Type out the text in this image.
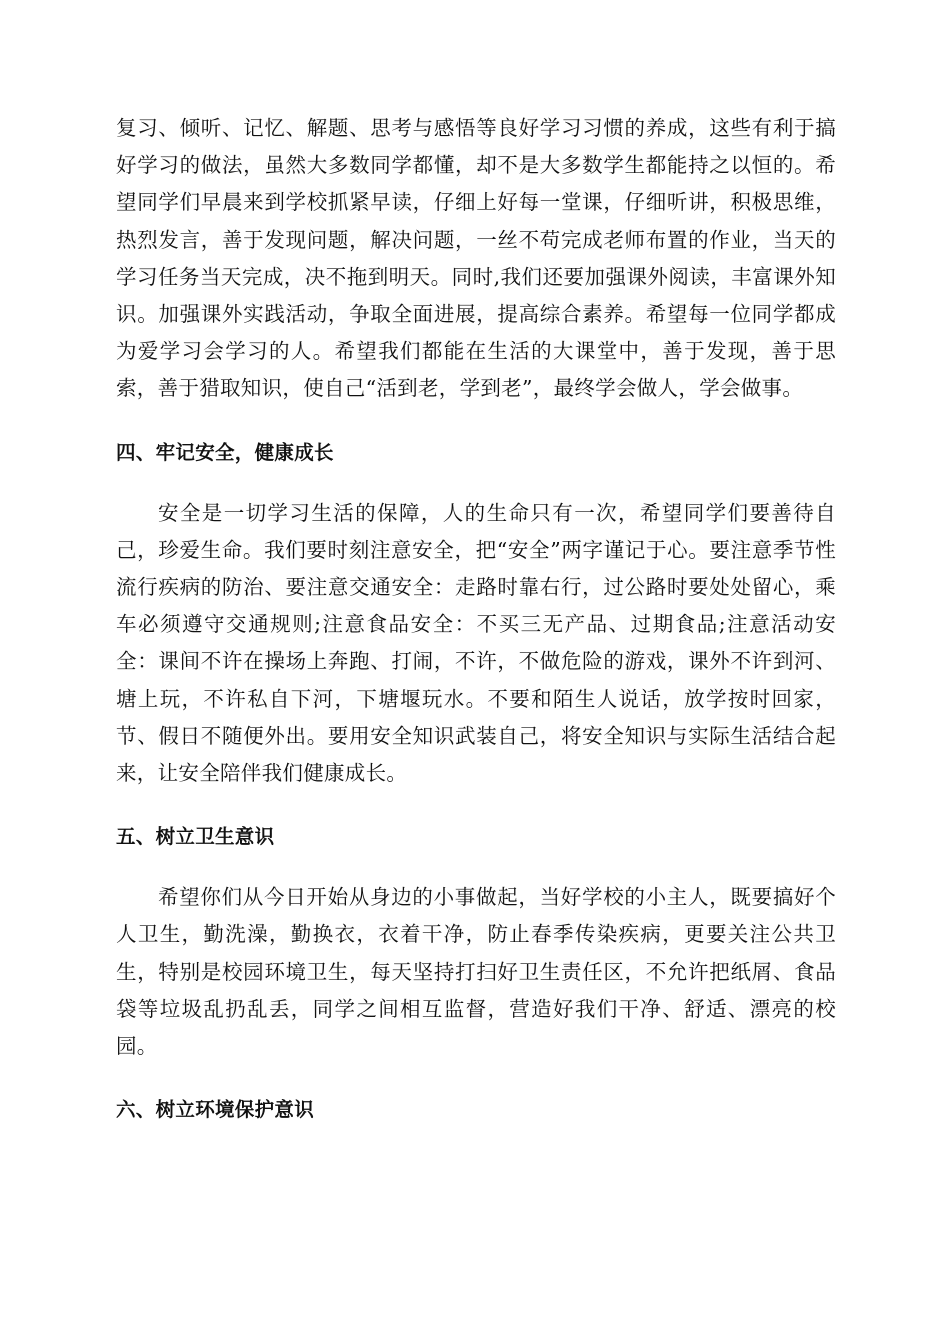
复习、倾听、记忆、解题、思考与感悟等良好学习习惯的养成，这些有利于搞好学习的做法，虽然大多数同学都懂，却不是大多数学生都能持之以恒的。希望同学们早晨来到学校抓紧早读，仔细上好每一堂课，仔细听讲，积极思维，热烈发言，善于发现问题，解决问题，一丝不苟完成老师布置的作业，当天的学习任务当天完成，决不拖到明天。同时,我们还要加强课外阅读，丰富课外知识。加强课外实践活动，争取全面进展，提高综合素养。希望每一位同学都成为爱学习会学习的人。希望我们都能在生活的大课堂中，善于发现，善于思索，善于猎取知识，使自己“活到老，学到老”，最终学会做人，学会做事。

四、牢记安全，健康成长

安全是一切学习生活的保障，人的生命只有一次，希望同学们要善待自己，珍爱生命。我们要时刻注意安全，把“安全”两字谨记于心。要注意季节性流行疾病的防治、要注意交通安全：走路时靠右行，过公路时要处处留心，乘车必须遵守交通规则;注意食品安全：不买三无产品、过期食品;注意活动安全：课间不许在操场上奔跑、打闹，不许，不做危险的游戏，课外不许到河、塘上玩，不许私自下河，下塘堰玩水。不要和陌生人说话，放学按时回家，节、假日不随便外出。要用安全知识武装自己，将安全知识与实际生活结合起来，让安全陪伴我们健康成长。

五、树立卫生意识

希望你们从今日开始从身边的小事做起，当好学校的小主人，既要搞好个人卫生，勤洗澡，勤换衣，衣着干净，防止春季传染疾病，更要关注公共卫生，特别是校园环境卫生，每天坚持打扫好卫生责任区，不允许把纸屑、食品袋等垃圾乱扔乱丢，同学之间相互监督，营造好我们干净、舒适、漂亮的校园。

六、树立环境保护意识
